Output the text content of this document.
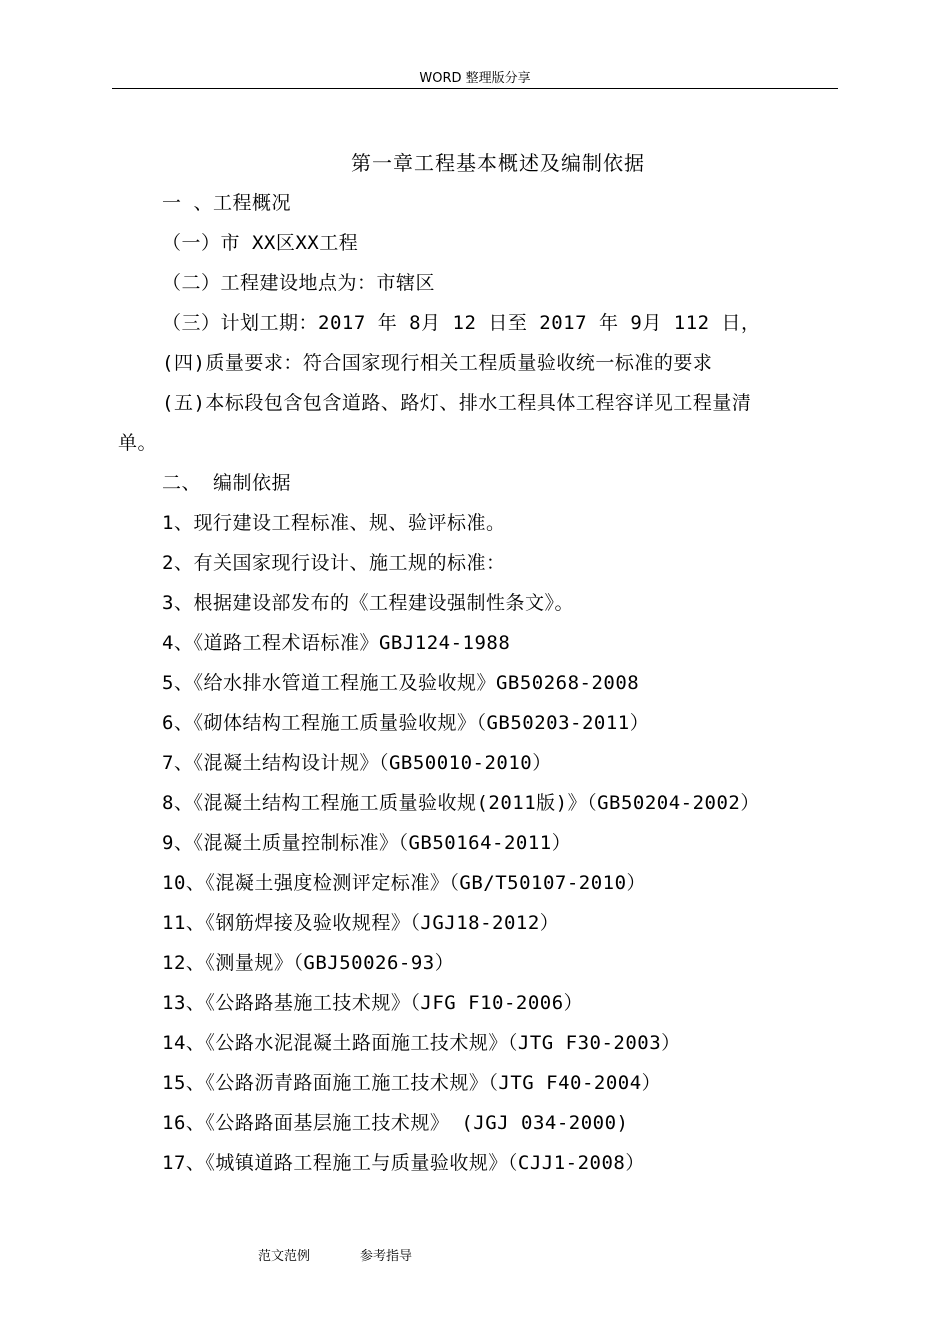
WORD 整理版分享
第一章工程基本概述及编制依据
一 、工程概况
（一）市 XX区XX工程
（二）工程建设地点为：市辖区
（三）计划工期：2017 年 8月 12 日至 2017 年 9月 112 日，
(四)质量要求：符合国家现行相关工程质量验收统一标准的要求
(五)本标段包含包含道路、路灯、排水工程具体工程容详见工程量清
单。
二、 编制依据
1、现行建设工程标准、规、验评标准。
2、有关国家现行设计、施工规的标准：
3、根据建设部发布的《工程建设强制性条文》。
4、《道路工程术语标准》GBJ124-1988
5、《给水排水管道工程施工及验收规》GB50268-2008
6、《砌体结构工程施工质量验收规》（GB50203-2011）
7、《混凝土结构设计规》（GB50010-2010）
8、《混凝土结构工程施工质量验收规(2011版)》（GB50204-2002）
9、《混凝土质量控制标准》（GB50164-2011）
10、《混凝土强度检测评定标准》（GB/T50107-2010）
11、《钢筋焊接及验收规程》（JGJ18-2012）
12、《测量规》（GBJ50026-93）
13、《公路路基施工技术规》（JFG F10-2006）
14、《公路水泥混凝土路面施工技术规》（JTG F30-2003）
15、《公路沥青路面施工施工技术规》（JTG F40-2004）
16、《公路路面基层施工技术规》 (JGJ 034-2000)
17、《城镇道路工程施工与质量验收规》（CJJ1-2008）
范文范例	参考指导
